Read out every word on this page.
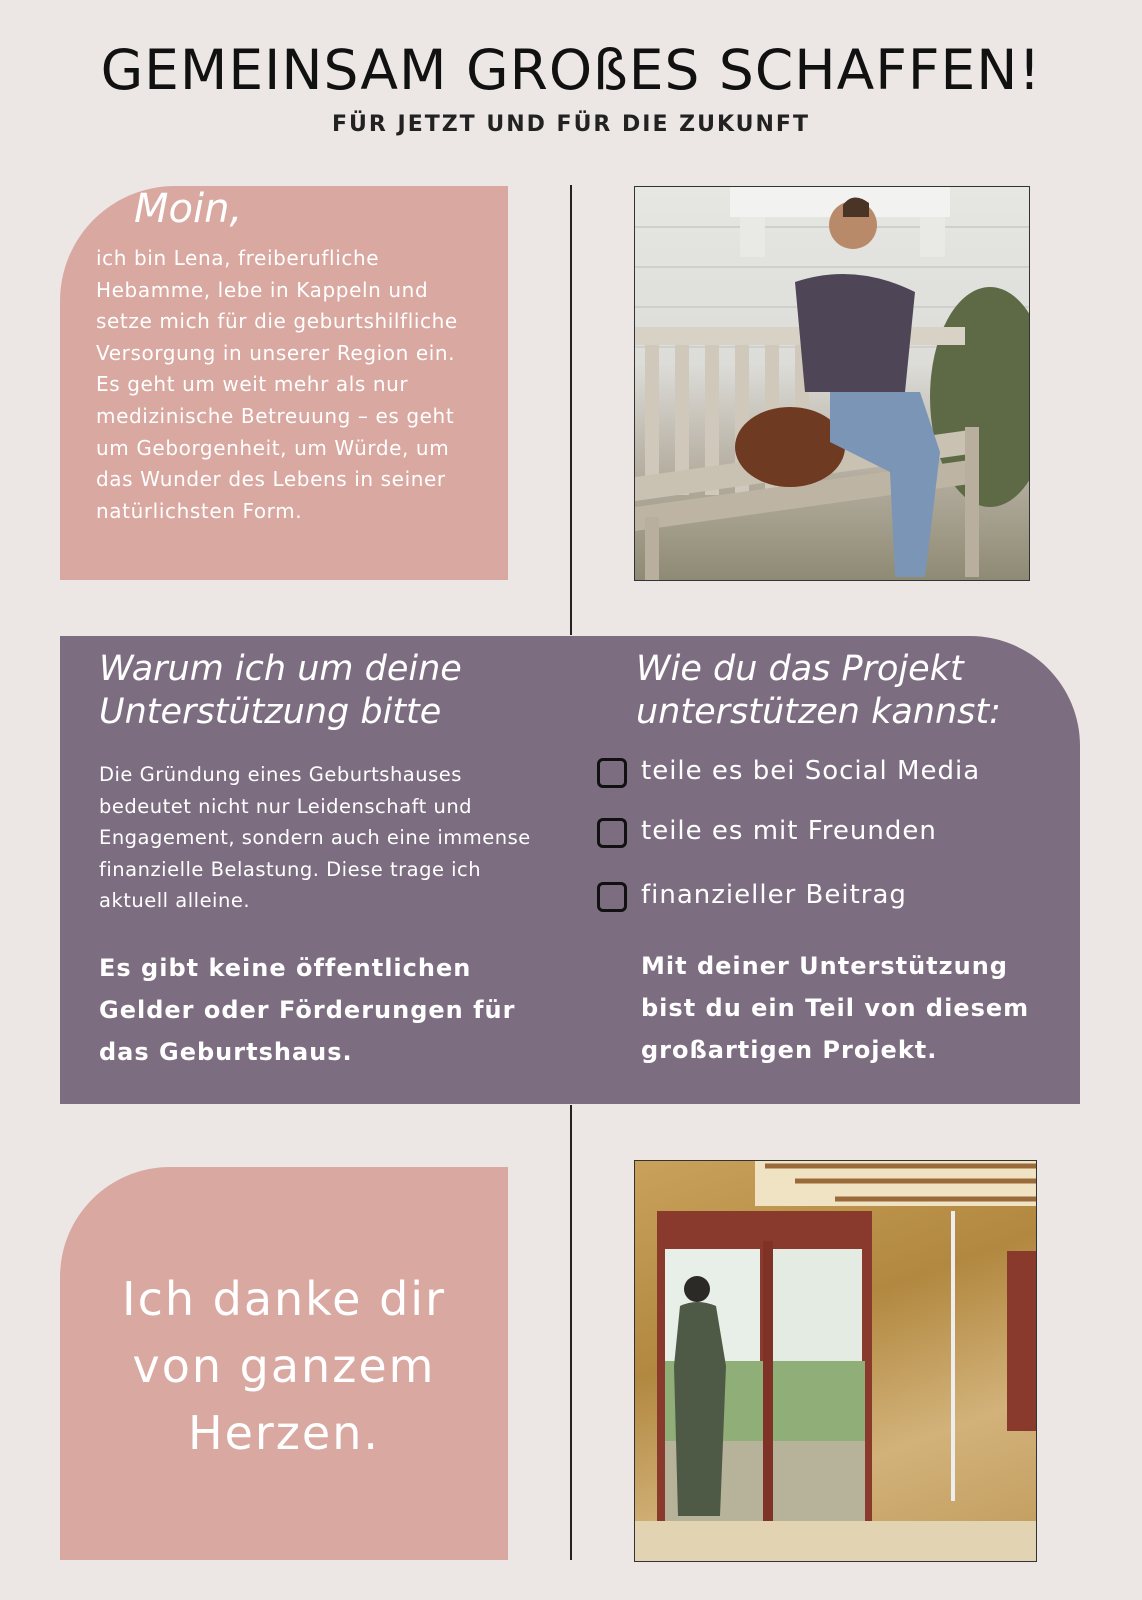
GEMEINSAM GROßES SCHAFFEN!
FÜR JETZT UND FÜR DIE ZUKUNFT
Moin,
ich bin Lena, freiberufliche Hebamme, lebe in Kappeln und setze mich für die geburtshilfliche Versorgung in unserer Region ein. Es geht um weit mehr als nur medizinische Betreuung – es geht um Geborgenheit, um Würde, um das Wunder des Lebens in seiner natürlichsten Form.
Warum ich um deine
Unterstützung bitte
Die Gründung eines Geburtshauses bedeutet nicht nur Leidenschaft und Engagement, sondern auch eine immense finanzielle Belastung. Diese trage ich aktuell alleine.
Es gibt keine öffentlichen Gelder oder Förderungen für das Geburtshaus.
Wie du das Projekt
unterstützen kannst:
teile es bei Social Media
teile es mit Freunden
finanzieller Beitrag
Mit deiner Unterstützung bist du ein Teil von diesem großartigen Projekt.
Ich danke dir
von ganzem
Herzen.
